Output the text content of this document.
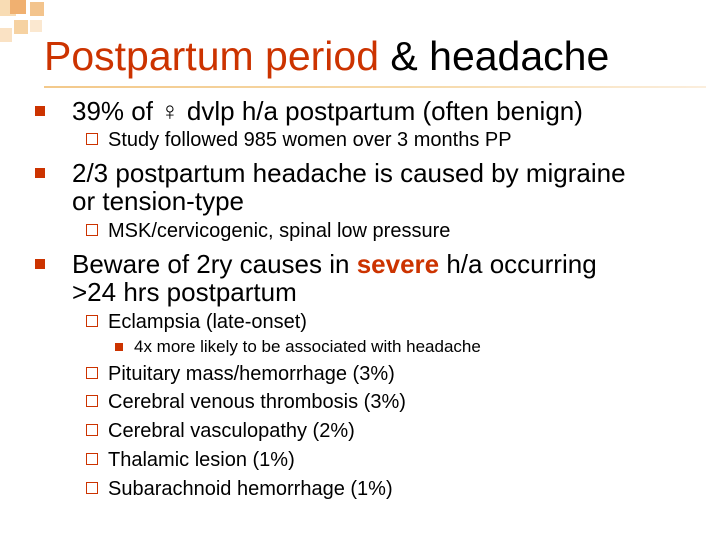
Postpartum period & headache
39% of ♀ dvlp h/a postpartum (often benign)
Study followed 985 women over 3 months PP
2/3 postpartum headache is caused by migraine
or tension-type
MSK/cervicogenic, spinal low pressure
Beware of 2ry causes in severe h/a occurring
>24 hrs postpartum
Eclampsia (late-onset)
4x more likely to be associated with headache
Pituitary mass/hemorrhage (3%)
Cerebral venous thrombosis (3%)
Cerebral vasculopathy (2%)
Thalamic lesion (1%)
Subarachnoid hemorrhage (1%)
